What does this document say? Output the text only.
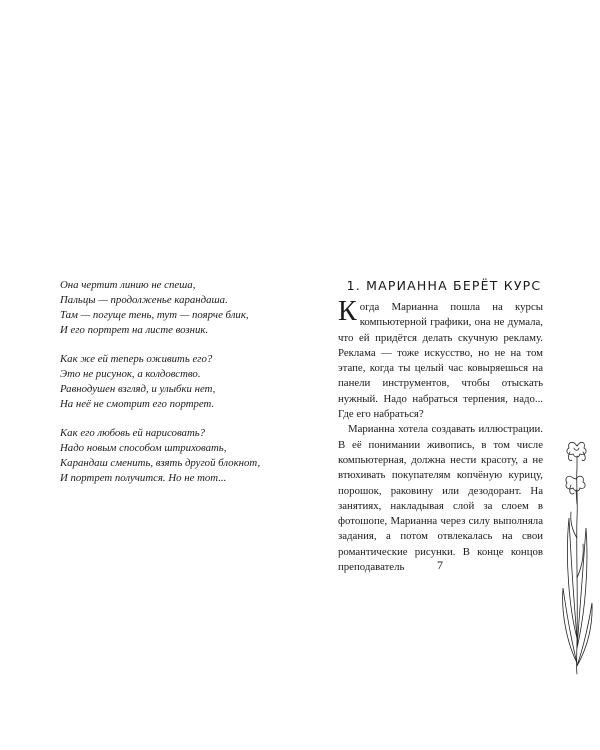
Она чертит линию не спеша,
Пальцы — продолженье карандаша.
Там — погуще тень, тут — поярче блик,
И его портрет на листе возник.
Как же ей теперь оживить его?
Это не рисунок, а колдовство.
Равнодушен взгляд, и улыбки нет,
На неё не смотрит его портрет.
Как его любовь ей нарисовать?
Надо новым способом штриховать,
Карандаш сменить, взять другой блокнот,
И портрет получится. Но не тот...
1. МАРИАННА БЕРЁТ КУРС

Когда Марианна пошла на курсы компьютерной графики, она не думала, что ей придётся делать скучную рекламу. Реклама — тоже искусство, но не на том этапе, когда ты целый час ковыряешься на панели инструментов, чтобы отыскать нужный. Надо набраться терпения, надо... Где его набраться?

Марианна хотела создавать иллюстрации. В её понимании живопись, в том числе компьютерная, должна нести красоту, а не втюхивать покупателям копчёную курицу, порошок, раковину или дезодорант. На занятиях, накладывая слой за слоем в фотошопе, Марианна через силу выполняла задания, а потом отвлекалась на свои романтические рисунки. В конце концов преподаватель	7
